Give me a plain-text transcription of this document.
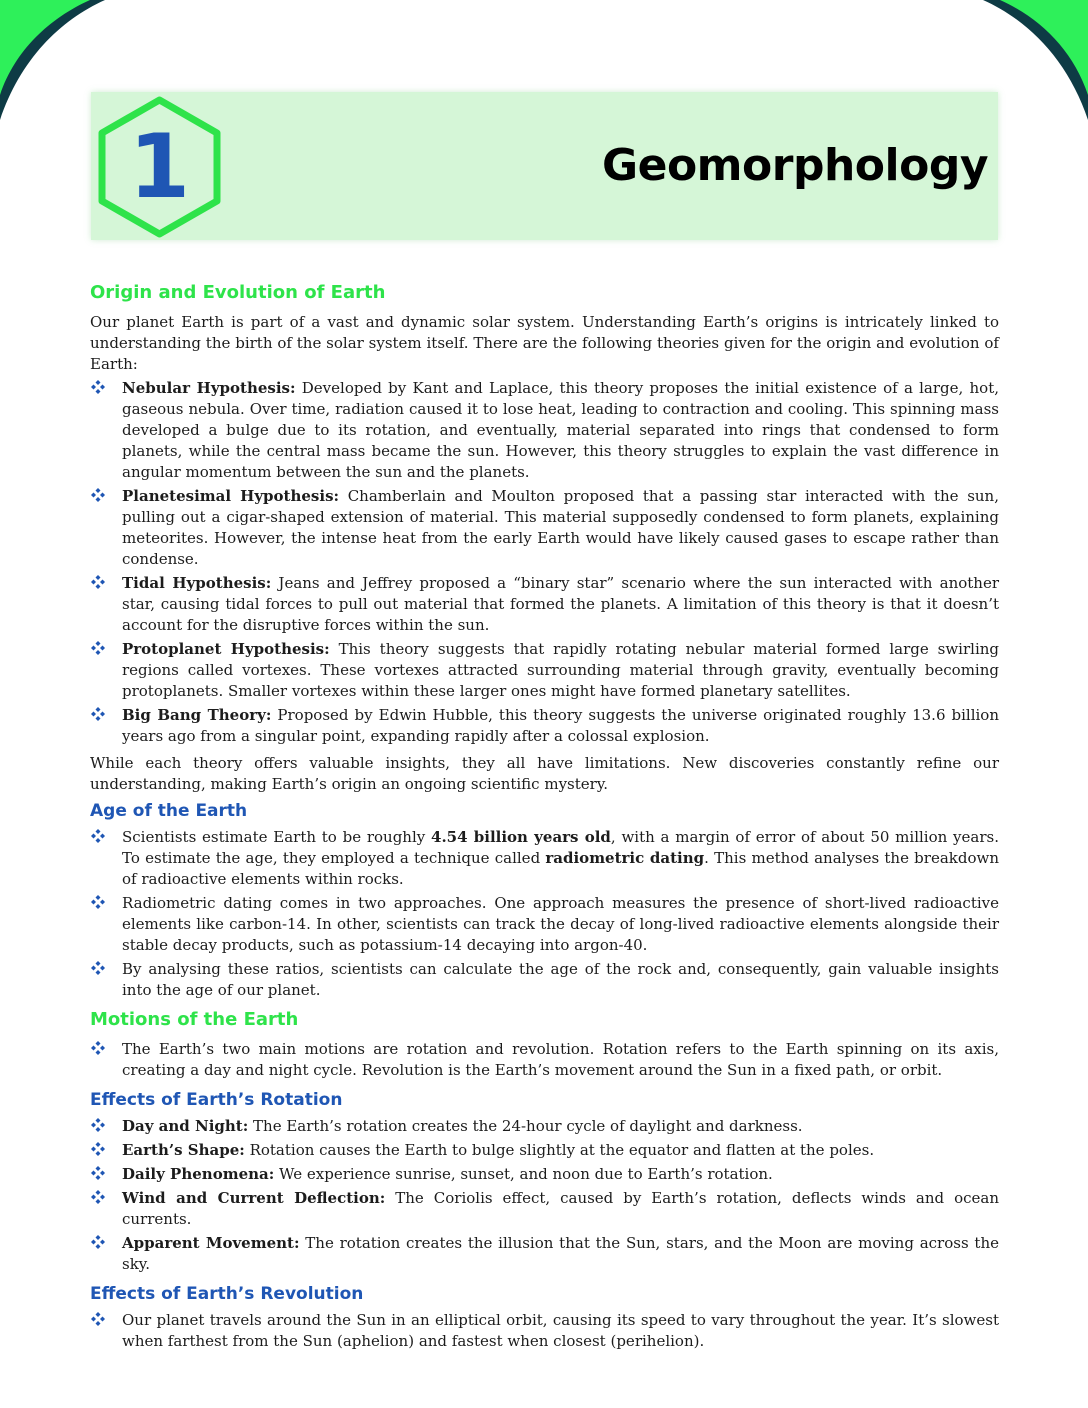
1	Geomorphology
Origin and Evolution of Earth

Our planet Earth is part of a vast and dynamic solar system. Understanding Earth’s origins is intricately linked to understanding the birth of the solar system itself. There are the following theories given for the origin and evolution of Earth:

Nebular Hypothesis: Developed by Kant and Laplace, this theory proposes the initial existence of a large, hot, gaseous nebula. Over time, radiation caused it to lose heat, leading to contraction and cooling. This spinning mass developed a bulge due to its rotation, and eventually, material separated into rings that condensed to form planets, while the central mass became the sun. However, this theory struggles to explain the vast difference in angular momentum between the sun and the planets.
Planetesimal Hypothesis: Chamberlain and Moulton proposed that a passing star interacted with the sun, pulling out a cigar-shaped extension of material. This material supposedly condensed to form planets, explaining meteorites. However, the intense heat from the early Earth would have likely caused gases to escape rather than condense.
Tidal Hypothesis: Jeans and Jeffrey proposed a “binary star” scenario where the sun interacted with another star, causing tidal forces to pull out material that formed the planets. A limitation of this theory is that it doesn’t account for the disruptive forces within the sun.
Protoplanet Hypothesis: This theory suggests that rapidly rotating nebular material formed large swirling regions called vortexes. These vortexes attracted surrounding material through gravity, eventually becoming protoplanets. Smaller vortexes within these larger ones might have formed planetary satellites.
Big Bang Theory: Proposed by Edwin Hubble, this theory suggests the universe originated roughly 13.6 billion years ago from a singular point, expanding rapidly after a colossal explosion.

While each theory offers valuable insights, they all have limitations. New discoveries constantly refine our understanding, making Earth’s origin an ongoing scientific mystery.

Age of the Earth
Scientists estimate Earth to be roughly 4.54 billion years old, with a margin of error of about 50 million years. To estimate the age, they employed a technique called radiometric dating. This method analyses the breakdown of radioactive elements within rocks.
Radiometric dating comes in two approaches. One approach measures the presence of short-lived radioactive elements like carbon-14. In other, scientists can track the decay of long-lived radioactive elements alongside their stable decay products, such as potassium-14 decaying into argon-40.
By analysing these ratios, scientists can calculate the age of the rock and, consequently, gain valuable insights into the age of our planet.
Motions of the Earth
The Earth’s two main motions are rotation and revolution. Rotation refers to the Earth spinning on its axis, creating a day and night cycle. Revolution is the Earth’s movement around the Sun in a fixed path, or orbit.
Effects of Earth’s Rotation
Day and Night: The Earth’s rotation creates the 24-hour cycle of daylight and darkness.
Earth’s Shape: Rotation causes the Earth to bulge slightly at the equator and flatten at the poles.
Daily Phenomena: We experience sunrise, sunset, and noon due to Earth’s rotation.
Wind and Current Deflection: The Coriolis effect, caused by Earth’s rotation, deflects winds and ocean currents.
Apparent Movement: The rotation creates the illusion that the Sun, stars, and the Moon are moving across the sky.
Effects of Earth’s Revolution
Our planet travels around the Sun in an elliptical orbit, causing its speed to vary throughout the year. It’s slowest when farthest from the Sun (aphelion) and fastest when closest (perihelion).
